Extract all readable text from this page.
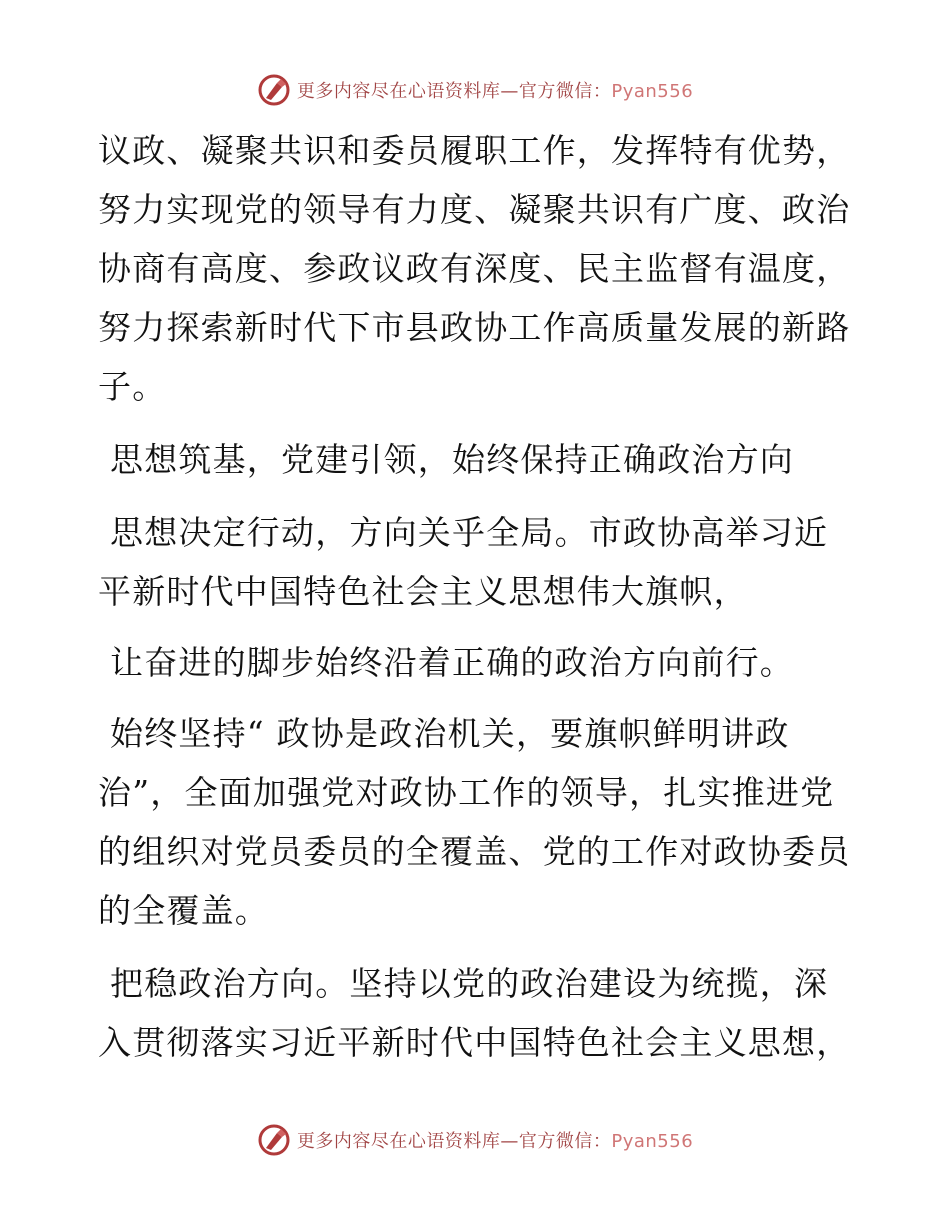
更多内容尽在心语资料库—官方微信：Pyan556

议政、凝聚共识和委员履职工作，发挥特有优势，努力实现党的领导有力度、凝聚共识有广度、政治协商有高度、参政议政有深度、民主监督有温度，努力探索新时代下市县政协工作高质量发展的新路子。

思想筑基，党建引领，始终保持正确政治方向

思想决定行动，方向关乎全局。市政协高举习近平新时代中国特色社会主义思想伟大旗帜，

让奋进的脚步始终沿着正确的政治方向前行。

始终坚持“ 政协是政治机关，要旗帜鲜明讲政治”，全面加强党对政协工作的领导，扎实推进党的组织对党员委员的全覆盖、党的工作对政协委员的全覆盖。

把稳政治方向。坚持以党的政治建设为统揽，深入贯彻落实习近平新时代中国特色社会主义思想，

更多内容尽在心语资料库—官方微信：Pyan556
